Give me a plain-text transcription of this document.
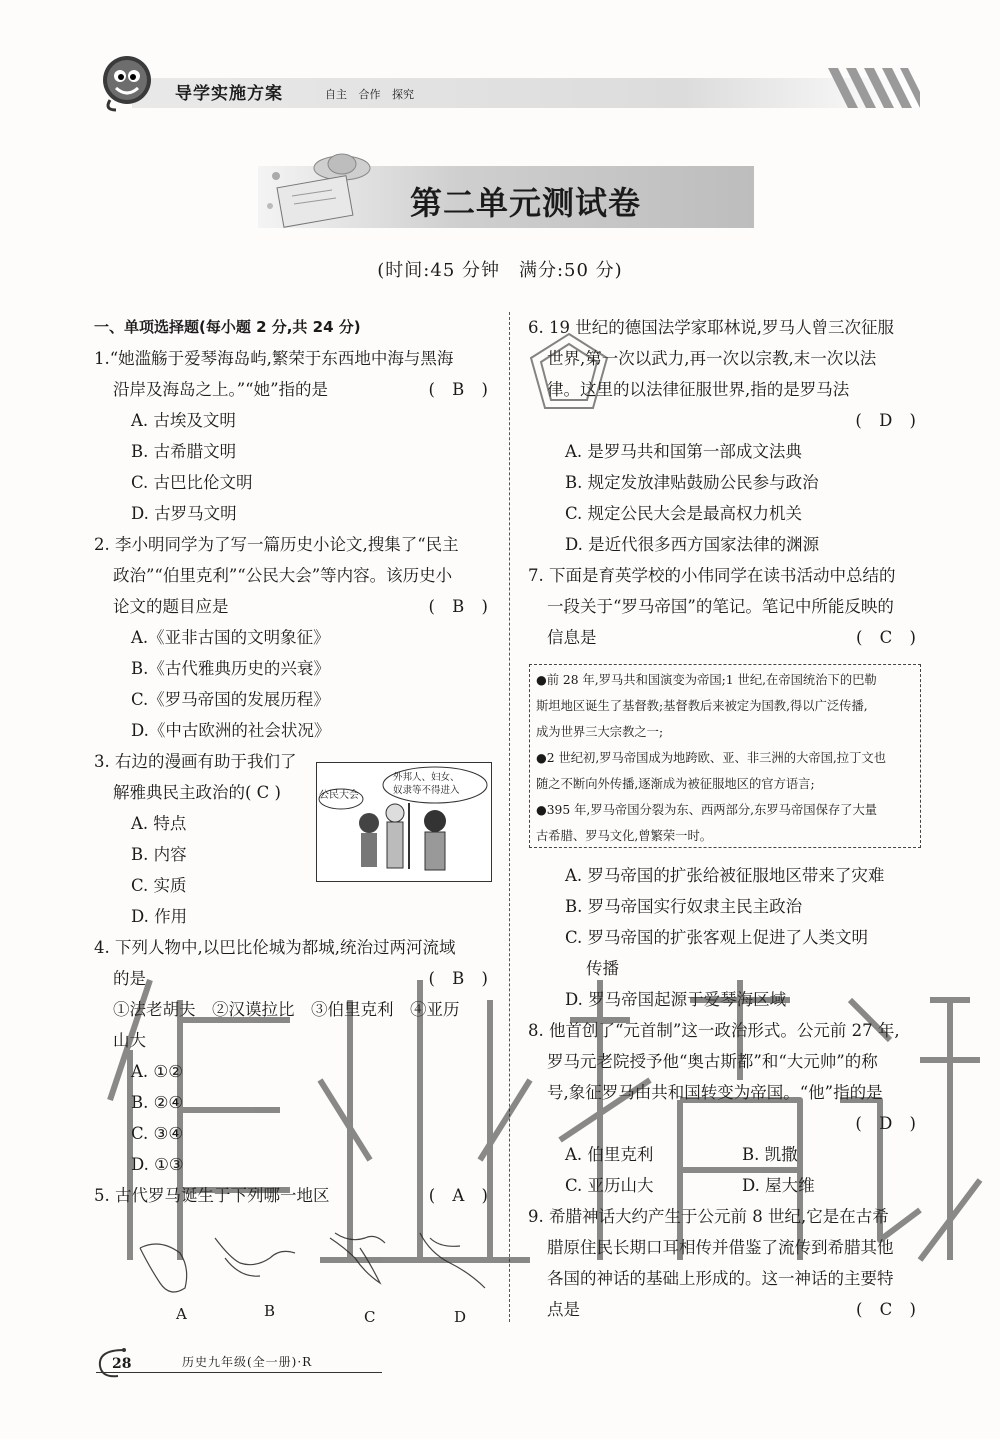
导学实施方案	自主 合作 探究
第二单元测试卷
(时间:45 分钟　满分:50 分)
一、单项选择题(每小题 2 分,共 24 分)
1.“她滥觞于爱琴海岛屿,繁荣于东西地中海与黑海
沿岸及海岛之上。”“她”指的是	( B )
A. 古埃及文明
B. 古希腊文明
C. 古巴比伦文明
D. 古罗马文明
2. 李小明同学为了写一篇历史小论文,搜集了“民主
政治”“伯里克利”“公民大会”等内容。该历史小
论文的题目应是	( B )
A.《亚非古国的文明象征》
B.《古代雅典历史的兴衰》
C.《罗马帝国的发展历程》
D.《中古欧洲的社会状况》
3. 右边的漫画有助于我们了
解雅典民主政治的( C )
A. 特点
B. 内容
C. 实质
D. 作用
4. 下列人物中,以巴比伦城为都城,统治过两河流域
的是	( B )
①法老胡夫　②汉谟拉比　③伯里克利　④亚历
山大
A. ①②
B. ②④
C. ③④
D. ①③
5. 古代罗马诞生于下列哪一地区	( A )
公民大会
外邦人、妇女、
奴隶等不得进入
A	B	C	D
6. 19 世纪的德国法学家耶林说,罗马人曾三次征服
世界,第一次以武力,再一次以宗教,末一次以法
律。这里的以法律征服世界,指的是罗马法
( D )
A. 是罗马共和国第一部成文法典
B. 规定发放津贴鼓励公民参与政治
C. 规定公民大会是最高权力机关
D. 是近代很多西方国家法律的渊源
7. 下面是育英学校的小伟同学在读书活动中总结的
一段关于“罗马帝国”的笔记。笔记中所能反映的
信息是	( C )

●前 28 年,罗马共和国演变为帝国;1 世纪,在帝国统治下的巴勒

斯坦地区诞生了基督教;基督教后来被定为国教,得以广泛传播,

成为世界三大宗教之一;

●2 世纪初,罗马帝国成为地跨欧、亚、非三洲的大帝国,拉丁文也

随之不断向外传播,逐渐成为被征服地区的官方语言;

●395 年,罗马帝国分裂为东、西两部分,东罗马帝国保存了大量

古希腊、罗马文化,曾繁荣一时。

A. 罗马帝国的扩张给被征服地区带来了灾难
B. 罗马帝国实行奴隶主民主政治
C. 罗马帝国的扩张客观上促进了人类文明
传播
D. 罗马帝国起源于爱琴海区域
8. 他首创了“元首制”这一政治形式。公元前 27 年,
罗马元老院授予他“奥古斯都”和“大元帅”的称
号,象征罗马由共和国转变为帝国。“他”指的是
( D )
A. 伯里克利	B. 凯撒
C. 亚历山大	D. 屋大维
9. 希腊神话大约产生于公元前 8 世纪,它是在古希
腊原住民长期口耳相传并借鉴了流传到希腊其他
各国的神话的基础上形成的。这一神话的主要特
点是	( C )
28	历史九年级(全一册)·R
